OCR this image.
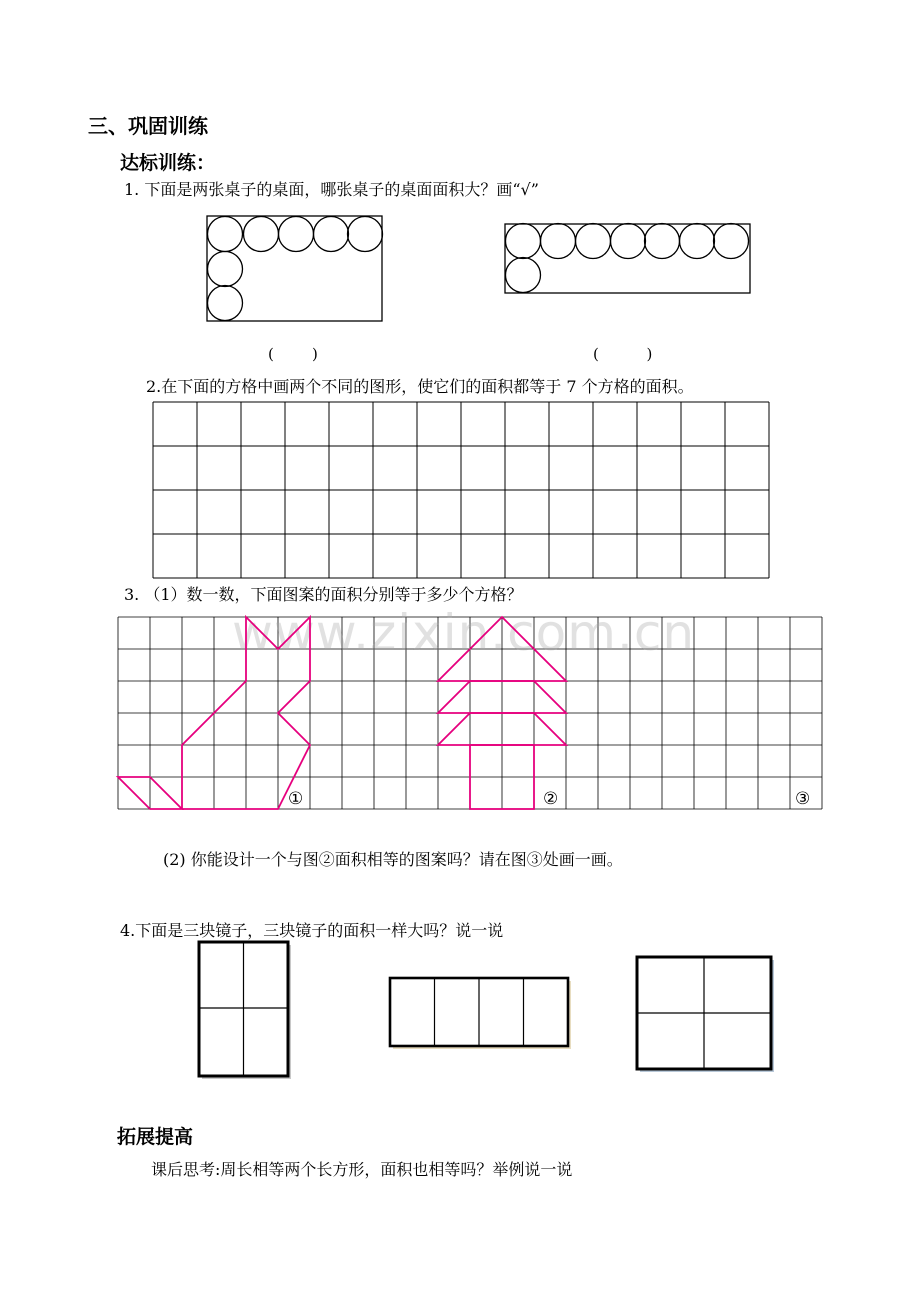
三、巩固训练
达标训练：
1. 下面是两张桌子的桌面，哪张桌子的桌面面积大？画“√”
(        )	(          )
2.在下面的方格中画两个不同的图形，使它们的面积都等于 7 个方格的面积。
3. （1）数一数，下面图案的面积分别等于多少个方格？
www.zixin.com.cn
①	②	③
(2) 你能设计一个与图②面积相等的图案吗？请在图③处画一画。
4.下面是三块镜子，三块镜子的面积一样大吗？说一说
拓展提高
课后思考:周长相等两个长方形，面积也相等吗？举例说一说
